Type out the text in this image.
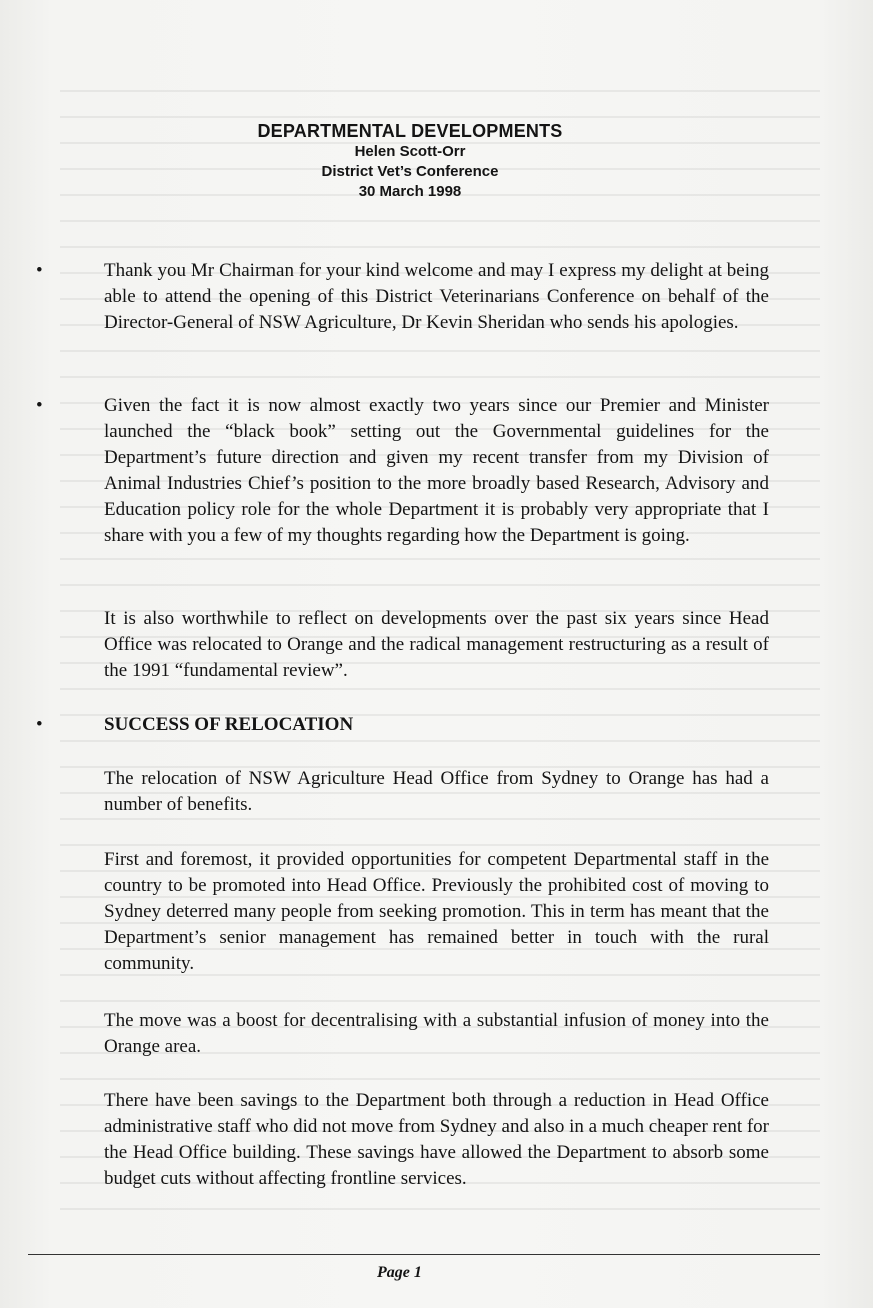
DEPARTMENTAL DEVELOPMENTS
Helen Scott-Orr
District Vet’s Conference
30 March 1998
•	Thank you Mr Chairman for your kind welcome and may I express my delight at being able to attend the opening of this District Veterinarians Conference on behalf of the Director-General of NSW Agriculture, Dr Kevin Sheridan who sends his apologies.

•	Given the fact it is now almost exactly two years since our Premier and Minister launched the “black book” setting out the Governmental guidelines for the Department’s future direction and given my recent transfer from my Division of Animal Industries Chief’s position to the more broadly based Research, Advisory and Education policy role for the whole Department it is probably very appropriate that I share with you a few of my thoughts regarding how the Department is going.

It is also worthwhile to reflect on developments over the past six years since Head Office was relocated to Orange and the radical management restructuring as a result of the 1991 “fundamental review”.

•	SUCCESS OF RELOCATION

The relocation of NSW Agriculture Head Office from Sydney to Orange has had a number of benefits.

First and foremost, it provided opportunities for competent Departmental staff in the country to be promoted into Head Office. Previously the prohibited cost of moving to Sydney deterred many people from seeking promotion. This in term has meant that the Department’s senior management has remained better in touch with the rural community.

The move was a boost for decentralising with a substantial infusion of money into the Orange area.

There have been savings to the Department both through a reduction in Head Office administrative staff who did not move from Sydney and also in a much cheaper rent for the Head Office building. These savings have allowed the Department to absorb some budget cuts without affecting frontline services.

Page 1
